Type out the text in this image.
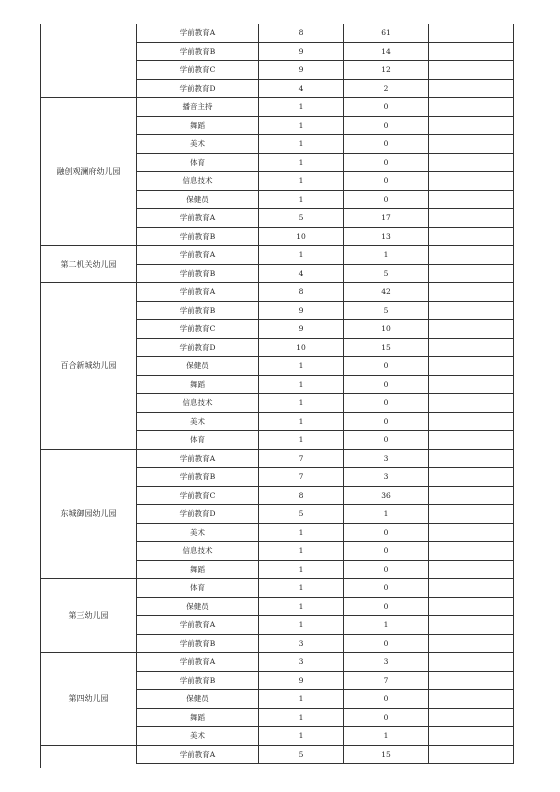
	学前教育A	8	61	
	学前教育B	9	14	
	学前教育C	9	12	
	学前教育D	4	2	
融创观澜府幼儿园	播音主持	1	0	
	舞蹈	1	0	
	美术	1	0	
	体育	1	0	
	信息技术	1	0	
	保健员	1	0	
	学前教育A	5	17	
	学前教育B	10	13	
第二机关幼儿园	学前教育A	1	1	
	学前教育B	4	5	
百合新城幼儿园	学前教育A	8	42	
	学前教育B	9	5	
	学前教育C	9	10	
	学前教育D	10	15	
	保健员	1	0	
	舞蹈	1	0	
	信息技术	1	0	
	美术	1	0	
	体育	1	0	
东城御园幼儿园	学前教育A	7	3	
	学前教育B	7	3	
	学前教育C	8	36	
	学前教育D	5	1	
	美术	1	0	
	信息技术	1	0	
	舞蹈	1	0	
第三幼儿园	体育	1	0	
	保健员	1	0	
	学前教育A	1	1	
	学前教育B	3	0	
第四幼儿园	学前教育A	3	3	
	学前教育B	9	7	
	保健员	1	0	
	舞蹈	1	0	
	美术	1	1	
	学前教育A	5	15	
